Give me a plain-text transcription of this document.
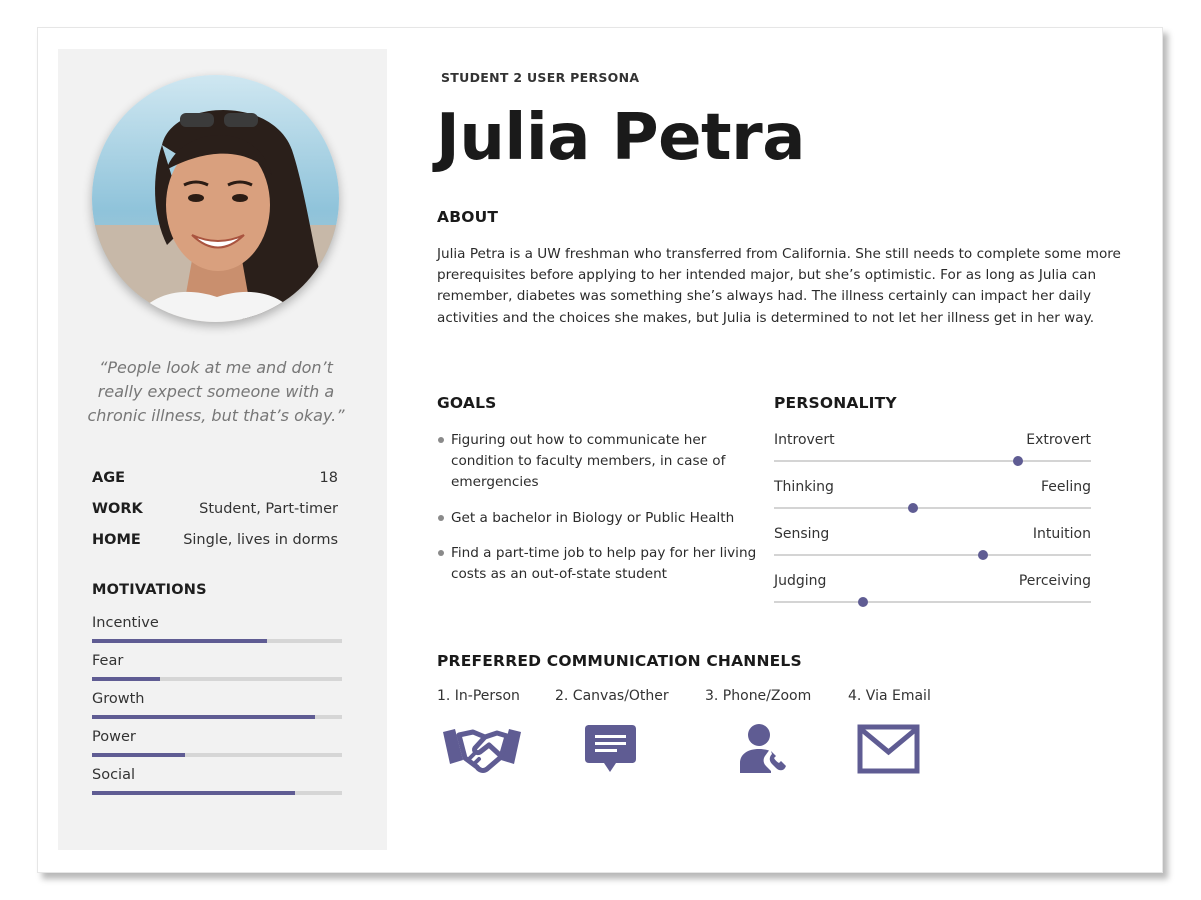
“People look at me and don’t really expect someone with a chronic illness, but that’s okay.”
AGE	18
WORK	Student, Part-timer
HOME	Single, lives in dorms
MOTIVATIONS
Incentive
Fear
Growth
Power
Social
STUDENT 2 USER PERSONA
Julia Petra
ABOUT
Julia Petra is a UW freshman who transferred from California. She still needs to complete some more prerequisites before applying to her intended major, but she’s optimistic. For as long as Julia can remember, diabetes was something she’s always had. The illness certainly can impact her daily activities and the choices she makes, but Julia is determined to not let her illness get in her way.
GOALS
Figuring out how to communicate her condition to faculty members, in case of emergencies
Get a bachelor in Biology or Public Health
Find a part-time job to help pay for her living costs as an out-of-state student
PERSONALITY
Introvert	Extrovert
Thinking	Feeling
Sensing	Intuition
Judging	Perceiving
PREFERRED COMMUNICATION CHANNELS
1. In-Person	2. Canvas/Other	3. Phone/Zoom	4. Via Email
